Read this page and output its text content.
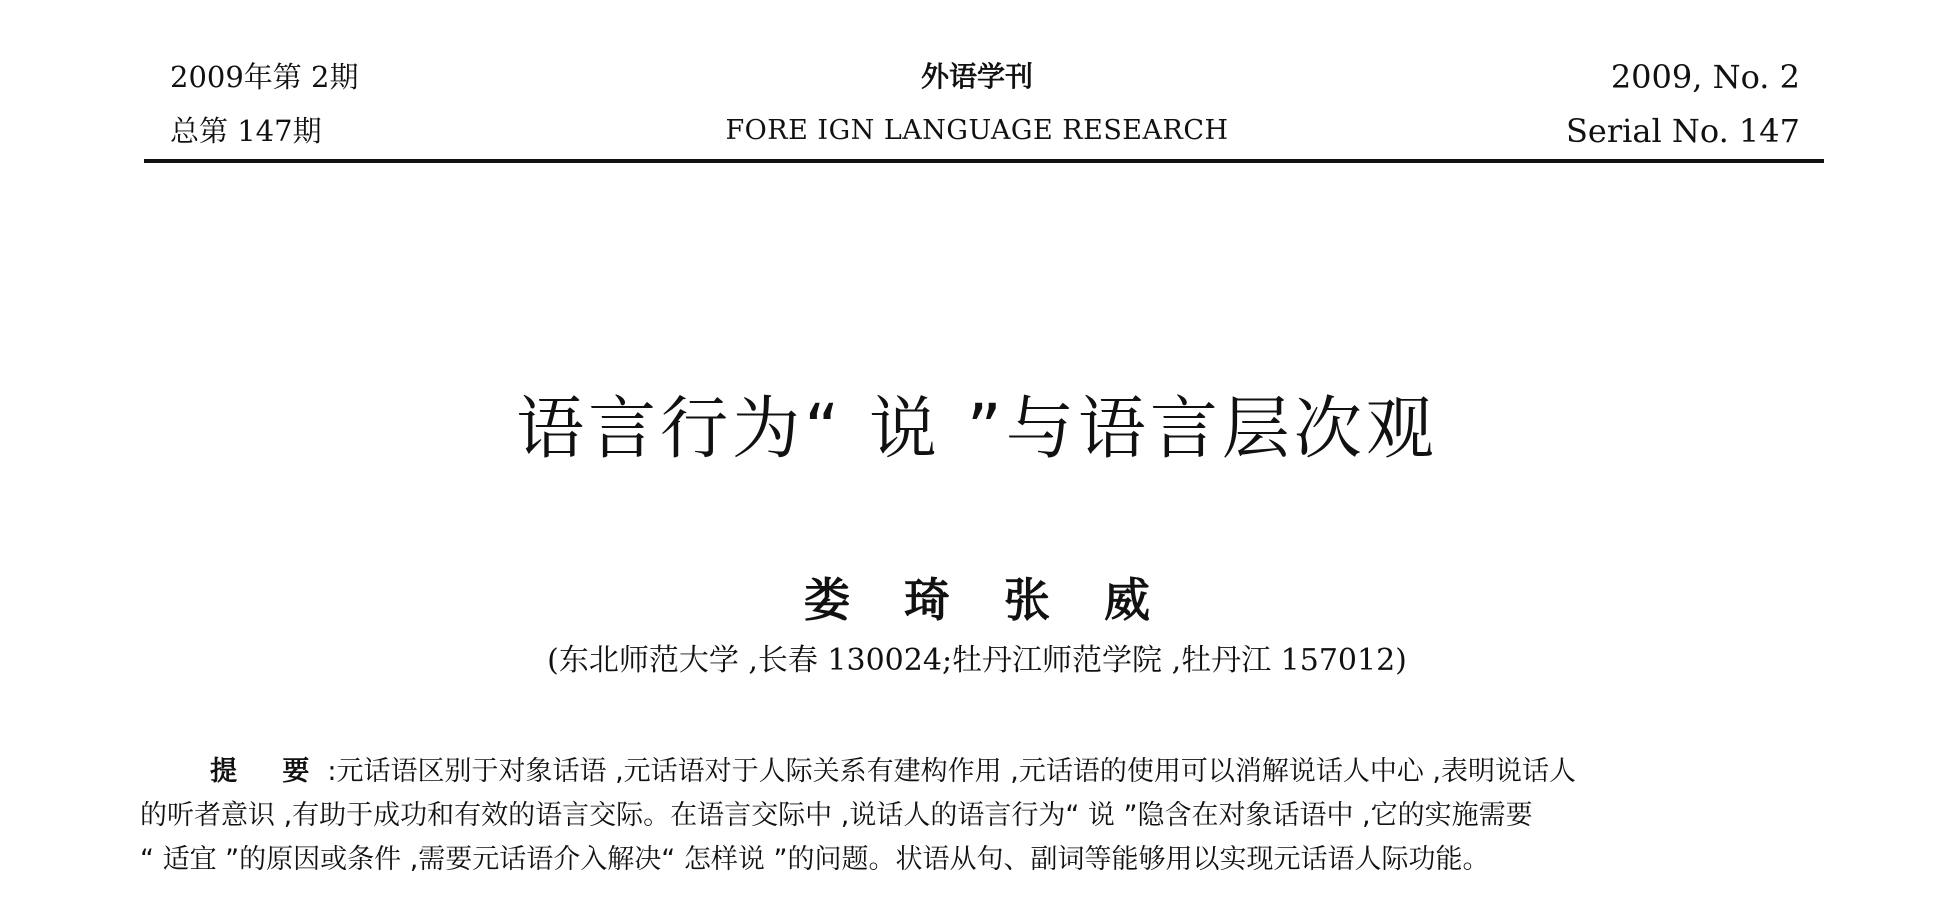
2009年第 2期
总第 147期
外语学刊
FORE IGN LANGUAGE RESEARCH
2009, No. 2
Serial No. 147
语言行为“ 说 ”与语言层次观
娄 琦 张 威
(东北师范大学 ,长春 130024;牡丹江师范学院 ,牡丹江 157012)
提 要:元话语区别于对象话语 ,元话语对于人际关系有建构作用 ,元话语的使用可以消解说话人中心 ,表明说话人
的听者意识 ,有助于成功和有效的语言交际。在语言交际中 ,说话人的语言行为“ 说 ”隐含在对象话语中 ,它的实施需要
“ 适宜 ”的原因或条件 ,需要元话语介入解决“ 怎样说 ”的问题。状语从句、副词等能够用以实现元话语人际功能。
